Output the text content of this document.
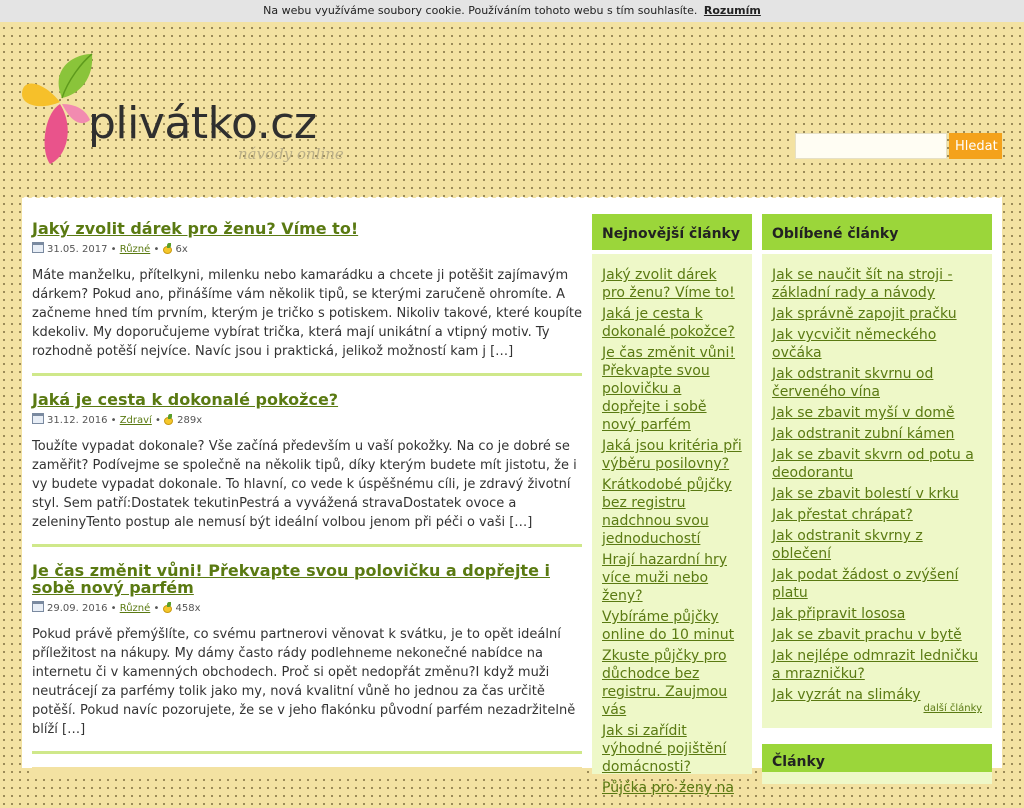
Na webu využíváme soubory cookie. Používáním tohoto webu s tím souhlasíte. Rozumím
plivátko.cz
návody online	Hledat
Jaký zvolit dárek pro ženu? Víme to!
31.05. 2017 • Různé • 6x
Máte manželku, přítelkyni, milenku nebo kamarádku a chcete ji potěšit zajímavým dárkem? Pokud ano, přinášíme vám několik tipů, se kterými zaručeně ohromíte. A začneme hned tím prvním, kterým je tričko s potiskem. Nikoliv takové, které koupíte kdekoliv. My doporučujeme vybírat trička, která mají unikátní a vtipný motiv. Ty rozhodně potěší nejvíce. Navíc jsou i praktická, jelikož možností kam j […]
Jaká je cesta k dokonalé pokožce?
31.12. 2016 • Zdraví • 289x
Toužíte vypadat dokonale? Vše začíná především u vaší pokožky. Na co je dobré se zaměřit? Podívejme se společně na několik tipů, díky kterým budete mít jistotu, že i vy budete vypadat dokonale. To hlavní, co vede k úspěšnému cíli, je zdravý životní styl. Sem patří:Dostatek tekutinPestrá a vyvážená stravaDostatek ovoce a zeleninyTento postup ale nemusí být ideální volbou jenom při péči o vaši […]
Je čas změnit vůni! Překvapte svou polovičku a dopřejte i sobě nový parfém
29.09. 2016 • Různé • 458x
Pokud právě přemýšlíte, co svému partnerovi věnovat k svátku, je to opět ideální příležitost na nákupy. My dámy často rády podlehneme nekonečné nabídce na internetu či v kamenných obchodech. Proč si opět nedopřát změnu?I když muži neutrácejí za parfémy tolik jako my, nová kvalitní vůně ho jednou za čas určitě potěší. Pokud navíc pozorujete, že se v jeho flakónku původní parfém nezadržitelně blíží […]
Nejnovější články
Jaký zvolit dárek pro ženu? Víme to!
Jaká je cesta k dokonalé pokožce?
Je čas změnit vůni! Překvapte svou polovičku a dopřejte i sobě nový parfém
Jaká jsou kritéria při výběru posilovny?
Krátkodobé půjčky bez registru nadchnou svou jednoduchostí
Hrají hazardní hry více muži nebo ženy?
Vybíráme půjčky online do 10 minut
Zkuste půjčky pro důchodce bez registru. Zaujmou vás
Jak si zařídit výhodné pojištění domácnosti?
Půjčka pro ženy na
Oblíbené články
Jak se naučit šít na stroji - základní rady a návody
Jak správně zapojit pračku
Jak vycvičit německého ovčáka
Jak odstranit skvrnu od červeného vína
Jak se zbavit myší v domě
Jak odstranit zubní kámen
Jak se zbavit skvrn od potu a deodorantu
Jak se zbavit bolestí v krku
Jak přestat chrápat?
Jak odstranit skvrny z oblečení
Jak podat žádost o zvýšení platu
Jak připravit lososa
Jak se zbavit prachu v bytě
Jak nejlépe odmrazit ledničku a mrazničku?
Jak vyzrát na slimáky
další články
Články
